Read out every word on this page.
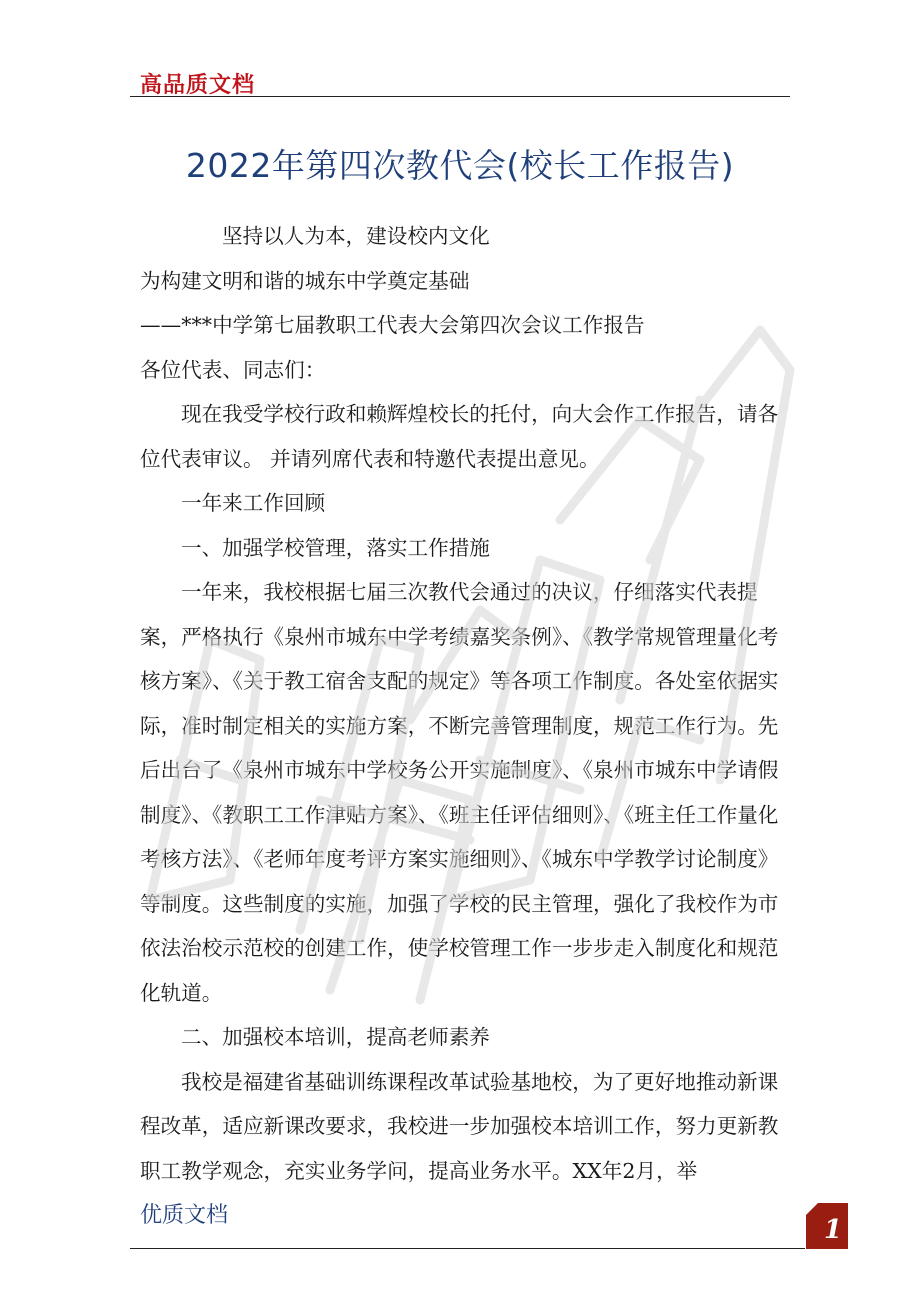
高品质文档
2022年第四次教代会(校长工作报告)

坚持以人为本，建设校内文化

为构建文明和谐的城东中学奠定基础

——***中学第七届教职工代表大会第四次会议工作报告

各位代表、同志们：

现在我受学校行政和赖辉煌校长的托付，向大会作工作报告，请各位代表审议。 并请列席代表和特邀代表提出意见。

一年来工作回顾

一、加强学校管理，落实工作措施

一年来，我校根据七届三次教代会通过的决议，仔细落实代表提案，严格执行《泉州市城东中学考绩嘉奖条例》、《教学常规管理量化考核方案》、《关于教工宿舍支配的规定》等各项工作制度。各处室依据实际，准时制定相关的实施方案，不断完善管理制度，规范工作行为。先后出台了《泉州市城东中学校务公开实施制度》、《泉州市城东中学请假制度》、《教职工工作津贴方案》、《班主任评估细则》、《班主任工作量化考核方法》、《老师年度考评方案实施细则》、《城东中学教学讨论制度》等制度。这些制度的实施，加强了学校的民主管理，强化了我校作为市依法治校示范校的创建工作，使学校管理工作一步步走入制度化和规范化轨道。

二、加强校本培训，提高老师素养

我校是福建省基础训练课程改革试验基地校，为了更好地推动新课程改革，适应新课改要求，我校进一步加强校本培训工作，努力更新教职工教学观念，充实业务学问，提高业务水平。XX年2月，举

优质文档	1
